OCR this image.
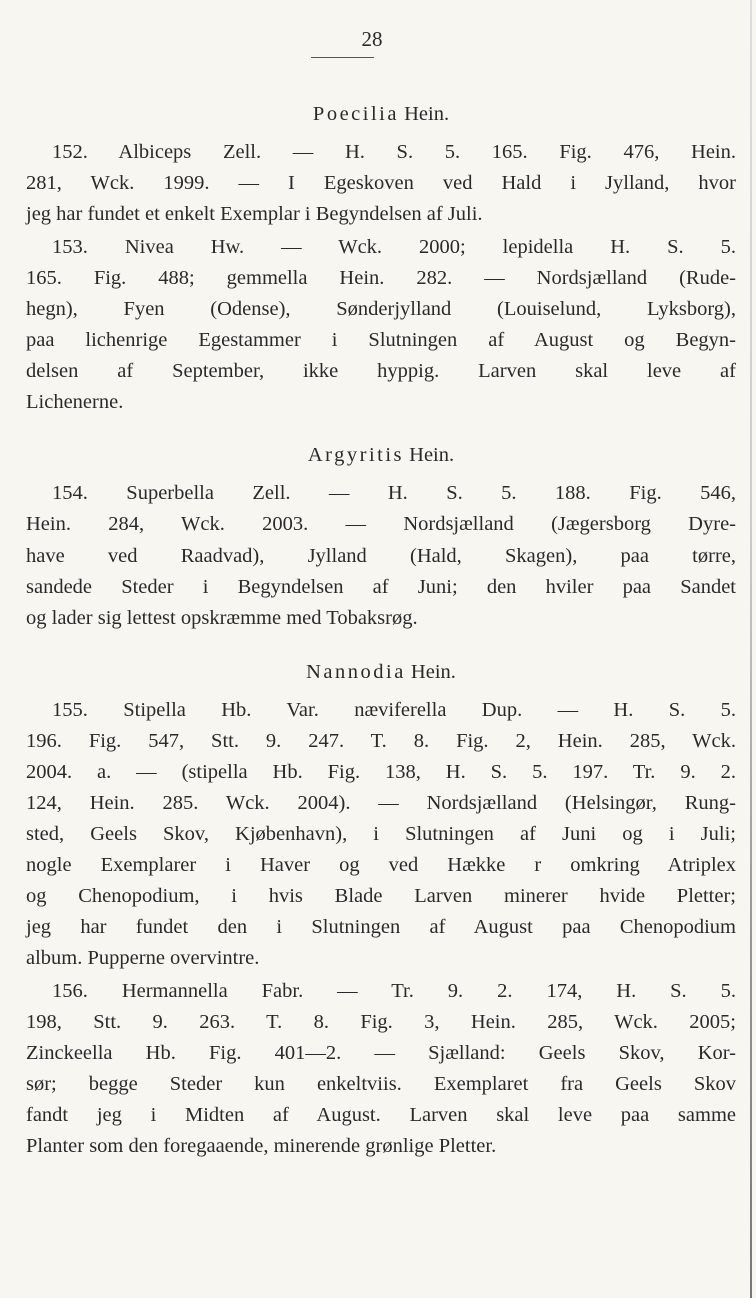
28
Poecilia Hein.
152. Albiceps Zell. — H. S. 5. 165. Fig. 476, Hein.
281, Wck. 1999. — I Egeskoven ved Hald i Jylland, hvor
jeg har fundet et enkelt Exemplar i Begyndelsen af Juli.
153. Nivea Hw. — Wck. 2000; lepidella H. S. 5.
165. Fig. 488; gemmella Hein. 282. — Nordsjælland (Rude-
hegn), Fyen (Odense), Sønderjylland (Louiselund, Lyksborg),
paa lichenrige Egestammer i Slutningen af August og Begyn-
delsen af September, ikke hyppig. Larven skal leve af
Lichenerne.
Argyritis Hein.
154. Superbella Zell. — H. S. 5. 188. Fig. 546,
Hein. 284, Wck. 2003. — Nordsjælland (Jægersborg Dyre-
have ved Raadvad), Jylland (Hald, Skagen), paa tørre,
sandede Steder i Begyndelsen af Juni; den hviler paa Sandet
og lader sig lettest opskræmme med Tobaksrøg.
Nannodia Hein.
155. Stipella Hb. Var. næviferella Dup. — H. S. 5.
196. Fig. 547, Stt. 9. 247. T. 8. Fig. 2, Hein. 285, Wck.
2004. a. — (stipella Hb. Fig. 138, H. S. 5. 197. Tr. 9. 2.
124, Hein. 285. Wck. 2004). — Nordsjælland (Helsingør, Rung-
sted, Geels Skov, Kjøbenhavn), i Slutningen af Juni og i Juli;
nogle Exemplarer i Haver og ved Hække r omkring Atriplex
og Chenopodium, i hvis Blade Larven minerer hvide Pletter;
jeg har fundet den i Slutningen af August paa Chenopodium
album. Pupperne overvintre.
156. Hermannella Fabr. — Tr. 9. 2. 174, H. S. 5.
198, Stt. 9. 263. T. 8. Fig. 3, Hein. 285, Wck. 2005;
Zinckeella Hb. Fig. 401—2. — Sjælland: Geels Skov, Kor-
sør; begge Steder kun enkeltviis. Exemplaret fra Geels Skov
fandt jeg i Midten af August. Larven skal leve paa samme
Planter som den foregaaende, minerende grønlige Pletter.
